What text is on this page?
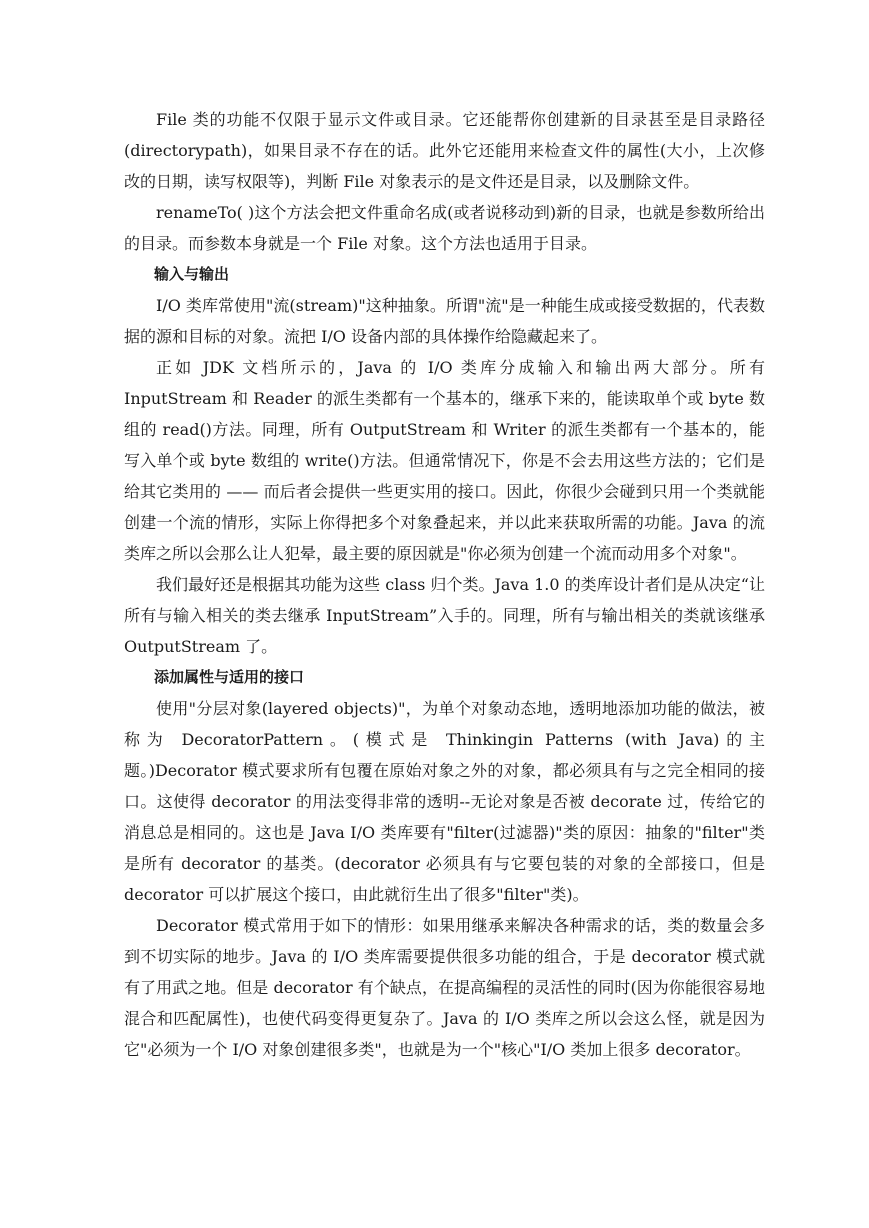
File 类的功能不仅限于显示文件或目录。它还能帮你创建新的目录甚至是目录路径(directorypath)，如果目录不存在的话。此外它还能用来检查文件的属性(大小，上次修改的日期，读写权限等)，判断 File 对象表示的是文件还是目录，以及删除文件。

renameTo( )这个方法会把文件重命名成(或者说移动到)新的目录，也就是参数所给出的目录。而参数本身就是一个 File 对象。这个方法也适用于目录。

输入与输出

I/O 类库常使用"流(stream)"这种抽象。所谓"流"是一种能生成或接受数据的，代表数据的源和目标的对象。流把 I/O 设备内部的具体操作给隐藏起来了。

正如 JDK 文档所示的，Java 的 I/O 类库分成输入和输出两大部分。所有 InputStream 和 Reader 的派生类都有一个基本的，继承下来的，能读取单个或 byte 数组的 read()方法。同理，所有 OutputStream 和 Writer 的派生类都有一个基本的，能写入单个或 byte 数组的 write()方法。但通常情况下，你是不会去用这些方法的；它们是给其它类用的 —— 而后者会提供一些更实用的接口。因此，你很少会碰到只用一个类就能创建一个流的情形，实际上你得把多个对象叠起来，并以此来获取所需的功能。Java 的流类库之所以会那么让人犯晕，最主要的原因就是"你必须为创建一个流而动用多个对象"。

我们最好还是根据其功能为这些 class 归个类。Java 1.0 的类库设计者们是从决定“让所有与输入相关的类去继承 InputStream”入手的。同理，所有与输出相关的类就该继承 OutputStream 了。

添加属性与适用的接口

使用"分层对象(layered objects)"，为单个对象动态地，透明地添加功能的做法，被称为 DecoratorPattern。(模式是 Thinkingin Patterns (with Java)的主题。)Decorator 模式要求所有包覆在原始对象之外的对象，都必须具有与之完全相同的接口。这使得 decorator 的用法变得非常的透明--无论对象是否被 decorate 过，传给它的消息总是相同的。这也是 Java I/O 类库要有"filter(过滤器)"类的原因：抽象的"filter"类是所有 decorator 的基类。(decorator 必须具有与它要包装的对象的全部接口，但是 decorator 可以扩展这个接口，由此就衍生出了很多"filter"类)。

Decorator 模式常用于如下的情形：如果用继承来解决各种需求的话，类的数量会多到不切实际的地步。Java 的 I/O 类库需要提供很多功能的组合，于是 decorator 模式就有了用武之地。但是 decorator 有个缺点，在提高编程的灵活性的同时(因为你能很容易地混合和匹配属性)，也使代码变得更复杂了。Java 的 I/O 类库之所以会这么怪，就是因为它"必须为一个 I/O 对象创建很多类"，也就是为一个"核心"I/O 类加上很多 decorator。
